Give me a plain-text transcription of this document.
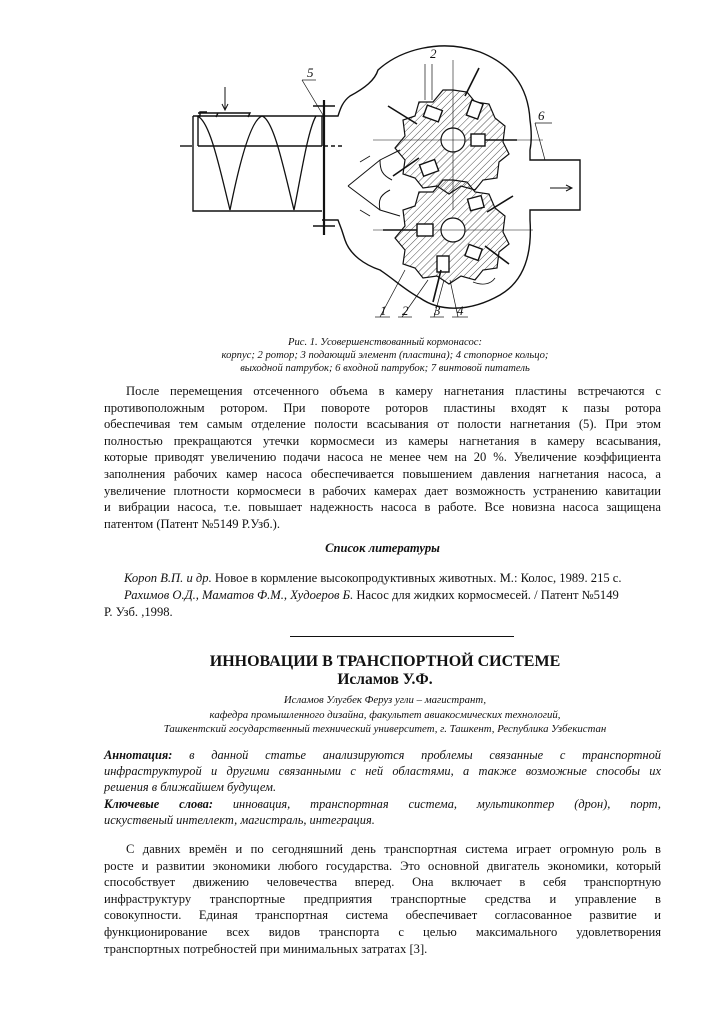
5
6
2
1 2 3 4
Рис. 1. Усовершенствованный кормонасос:
корпус; 2 ротор; 3 подающий элемент (пластина); 4 стопорное кольцо;
выходной патрубок; 6 входной патрубок; 7 винтовой питатель
После перемещения отсеченного объема в камеру нагнетания пластины встречаются с
противоположным ротором. При повороте роторов пластины входят к пазы ротора
обеспечивая тем самым отделение полости всасывания от полости нагнетания (5). При этом
полностью прекращаются утечки кормосмеси из камеры нагнетания в камеру всасывания,
которые приводят увеличению подачи насоса не менее чем на 20 %. Увеличение коэффициента
заполнения рабочих камер насоса обеспечивается повышением давления нагнетания насоса, а
увеличение плотности кормосмеси в рабочих камерах дает возможность устранению кавитации
и вибрации насоса, т.е. повышает надежность насоса в работе. Все новизна насоса защищена
патентом (Патент №5149 Р.Узб.).
Список литературы
Короп В.П. и др. Новое в кормление высокопродуктивных животных. М.: Колос, 1989. 215 с.
Рахимов О.Д., Маматов Ф.М., Худоеров Б. Насос для жидких кормосмесей. / Патент №5149
Р. Узб. ,1998.
ИННОВАЦИИ В ТРАНСПОРТНОЙ СИСТЕМЕ
Исламов У.Ф.
Исламов Улугбек Феруз угли – магистрант,
кафедра промышленного дизайна, факультет авиакосмических технологий,
Ташкентский государственный технический университет, г. Ташкент, Республика Узбекистан
Аннотация: в данной статье анализируются проблемы связанные с транспортной
инфраструктурой и другими связанными с ней областями, а также возможные способы их
решения в ближайшем будущем.
Ключевые слова: инновация, транспортная система, мультикоптер (дрон), порт,
искуственый интеллект, магистраль, интеграция.
С давних времён и по сегодняшний день транспортная система играет огромную роль в
росте и развитии экономики любого государства. Это основной двигатель экономики, который
способствует движению человечества вперед. Она включает в себя транспортную
инфраструктуру транспортные предприятия транспортные средства и управление в
совокупности. Единая транспортная система обеспечивает согласованное развитие и
функционирование всех видов транспорта с целью максимального удовлетворения
транспортных потребностей при минимальных затратах [3].
